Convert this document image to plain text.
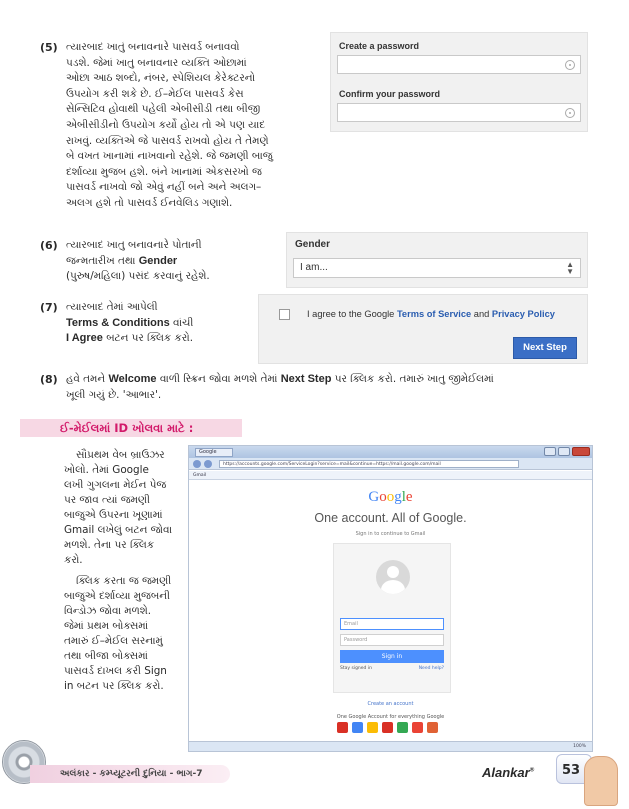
(5) ત્યારબાદ ખાતું બનાવનારે પાસવર્ડ બનાવવો
પડશે. જેમાં ખાતુ બનાવનાર વ્યક્તિ ઓછામાં
ઓછા આઠ શબ્દો, નંબર, સ્પેશિયલ કેરેક્ટરનો
ઉપયોગ કરી શકે છે. ઈ–મેઈલ પાસવર્ડ કેસ
સેન્સિટિવ હોવાથી પહેલી એબીસીડી તથા બીજી
એબીસીડીનો ઉપયોગ કર્યો હોય તો એ પણ યાદ
રાખવું. વ્યક્તિએ જે પાસવર્ડ રાખવો હોય તે તેમણે
બે વખત ખાનામાં નાખવાનો રહેશે. જે જમણી બાજુ
દર્શાવ્યા મુજબ હશે. બંને ખાનામાં એકસરખો જ
પાસવર્ડ નાખવો જો એવું નહીં બને અને અલગ–
અલગ હશે તો પાસવર્ડ ઈનવેલિડ ગણાશે.
Create a password
Confirm your password
(6) ત્યારબાદ ખાતુ બનાવનારે પોતાની
જન્મતારીખ તથા Gender
(પુરુષ/મહિલા) પસંદ કરવાનું રહેશે.
Gender
I am...	▲
▼
(7) ત્યારબાદ તેમાં આપેલી
Terms & Conditions વાંચી
I Agree બટન પર ક્લિક કરો.
I agree to the Google Terms of Service and Privacy Policy
Next Step
(8) હવે તમને Welcome વાળી સ્ક્રિન જોવા મળશે તેમાં Next Step પર ક્લિક કરો. તમારું ખાતુ જીમેઈલમાં
ખૂલી ગયું છે. 'આભાર'.
ઈ-મેઈલમાં ID ખોલવા માટે :
સૌપ્રથમ વેબ બ્રાઉઝર
ખોલો. તેમાં Google
લખી ગુગલના મેઈન પેજ
પર જાવ ત્યાં જમણી
બાજુએ ઉપરના ખૂણામાં
Gmail લખેલું બટન જોવા
મળશે. તેના પર ક્લિક
કરો.
ક્લિક કરતા જ જમણી
બાજુએ દર્શાવ્યા મુજબની
વિન્ડોઝ જોવા મળશે.
જેમાં પ્રથમ બોક્સમાં
તમારું ઈ–મેઈલ સરનામું
તથા બીજા બોક્સમાં
પાસવર્ડ દાખલ કરી Sign
in બટન પર ક્લિક કરો.
Google
https://accounts.google.com/ServiceLogin?service=mail&continue=https://mail.google.com/mail
Gmail
Google
One account. All of Google.
Sign in to continue to Gmail
Email
Password
Sign in
Stay signed in	Need help?
Create an account
One Google Account for everything Google
100%
અલંકાર - કમ્પ્યૂટરની દુનિયા - ભાગ-7	Alankar® 53
